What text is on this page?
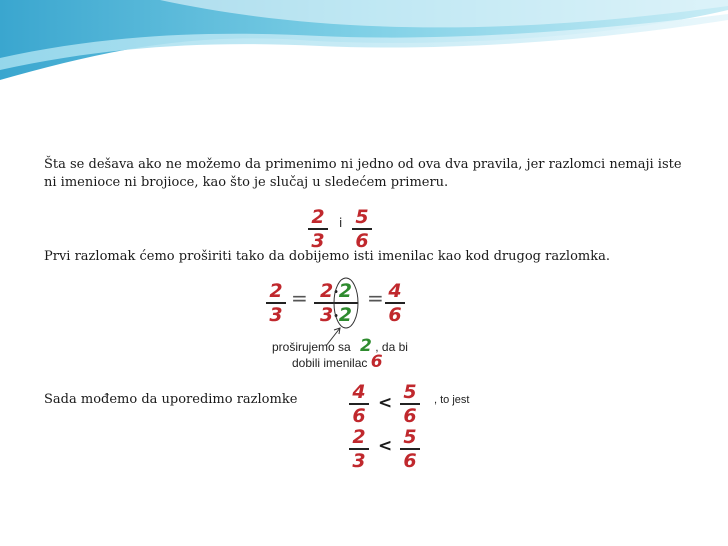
Šta se dešava ako ne možemo da primenimo ni jedno od ova dva pravila, jer razlomci nemaji iste ni imenioce ni brojioce, kao što je slučaj u sledećem primeru.

2
3
i 5
6

Prvi razlomak ćemo proširiti tako da dobijemo isti imenilac kao kod drugog razlomka.

2
3
= 2·2
3·2
= 4
6
proširujemo sa 2 , da bi
dobili imenilac 6

Sada mođemo da uporedimo razlomke	4
6
< 5
6
, to jest
2
3
< 5
6
